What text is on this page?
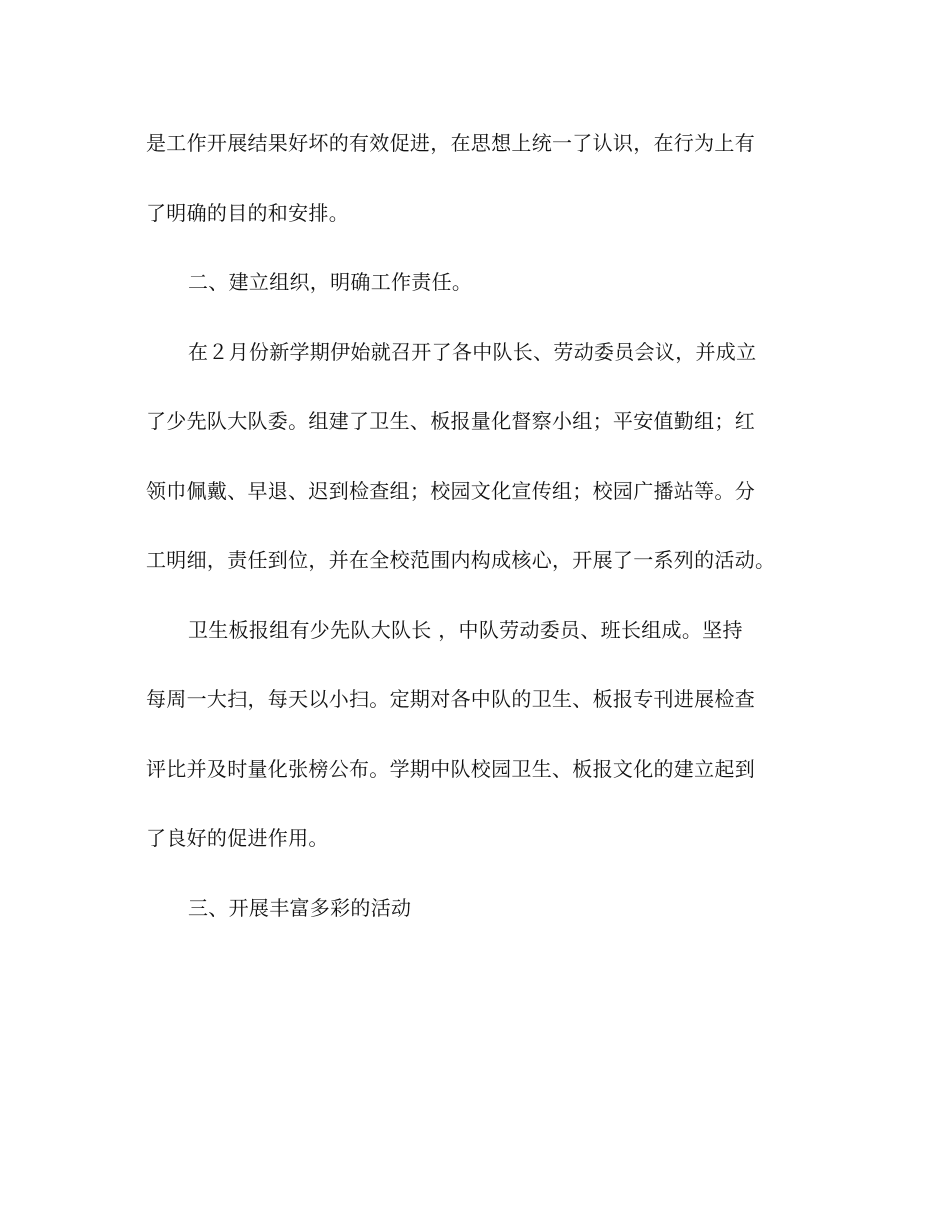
是工作开展结果好坏的有效促进，在思想上统一了认识，在行为上有

了明确的目的和安排。

二、建立组织，明确工作责任。

在２月份新学期伊始就召开了各中队长、劳动委员会议，并成立

了少先队大队委。组建了卫生、板报量化督察小组；平安值勤组；红

领巾佩戴、早退、迟到检查组；校园文化宣传组；校园广播站等。分

工明细，责任到位，并在全校范围内构成核心，开展了一系列的活动。

卫生板报组有少先队大队长 ，中队劳动委员、班长组成。坚持

每周一大扫，每天以小扫。定期对各中队的卫生、板报专刊进展检查

评比并及时量化张榜公布。学期中队校园卫生、板报文化的建立起到

了良好的促进作用。

三、开展丰富多彩的活动
